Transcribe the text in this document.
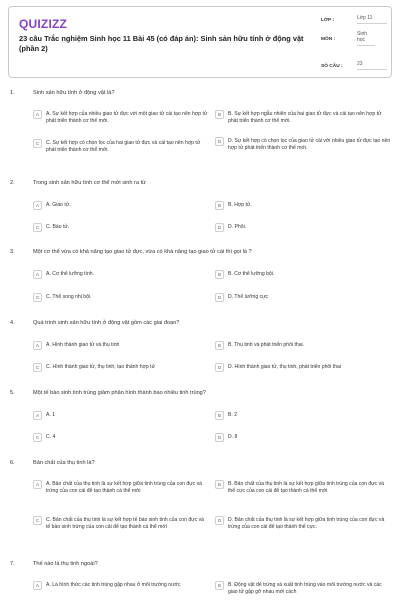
QUIZIZZ
23 câu Trắc nghiệm Sinh học 11 Bài 45 (có đáp án): Sinh sản hữu tính ở động vật (phần 2)
LỚP :	Lớp 11
MÔN :
Sinh học
SỐ CÂU :	23
1.	Sinh sản hữu tính ở động vật là?
A	A. Sự kết hợp của nhiều giao tử đực với một giao tử cái tạo nên hợp tử phát triển thành cơ thể mới.
B	B. Sự kết hợp ngẫu nhiên của hai giao tử đực và cái tạo nên hợp tử phát triển thành cơ thể mới.
C	C. Sự kết hợp có chọn lọc của hai giao tử đực và cái tạo nên hợp tử phát triển thành cơ thể mới.
D	D. Sự kết hợp có chọn lọc của giao tử cái với nhiều giao tử đực tạo nên hợp tử phát triển thành cơ thể mới.
2.	Trong sinh sản hữu tính cơ thể mới sinh ra từ
A	A. Giao tử.	B	B. Hợp tử.
C	C. Bào tử.	D	D. Phôi.
3.	Một cơ thể vừa có khả năng tạo giao tử đực, vừa có khả năng tạo giao tử cái thì gọi là ?
A	A. Cơ thể lưỡng tính.	B	B. Cơ thể lưỡng bội.
C	C. Thể song nhị bội.	D	D. Thể lưỡng cực
4.	Quá trình sinh sản hữu tính ở động vật gồm các giai đoạn?
A	A. Hình thành giao tử và thụ tinh	B	B. Thụ tinh và phát triển phôi thai.
C	C. Hình thành giao tử, thụ tinh, tạo thành hợp tử	D	D. Hình thành giao tử, thụ tinh, phát triển phôi thai
5.	Một tế bào sinh tinh trùng giảm phân hình thành bao nhiêu tinh trùng?
A	A. 1	B	B. 2
C	C. 4	D	D. 8
6.	Bản chất của thụ tinh là?
A	A. Bản chất của thụ tinh là sự kết hợp giữa tinh trùng của con đực và trứng của con cái để tạo thành cá thể mới
B	B. Bản chất của thụ tinh là sự kết hợp giữa tinh trùng của con đực và thể cực của con cái để tạo thành cá thể mới
C	C. Bản chất của thụ tinh là sự kết hợp tế bào sinh tinh của con đực và tế bào sinh trứng của con cái để tạo thành cá thể mới
D	D. Bản chất của thụ tinh là sự kết hợp giữa tinh trùng của con đực và trứng của con cái để tạo thành thể cực.
7.	Thế nào là thụ tinh ngoài?
A	A. Là hình thức các tinh trùng gặp nhau ở môi trường nước	B	B. Động vật đẻ trứng và xuất tinh trùng vào môi trường nước và các giao tử gặp gỡ nhau mới cách
